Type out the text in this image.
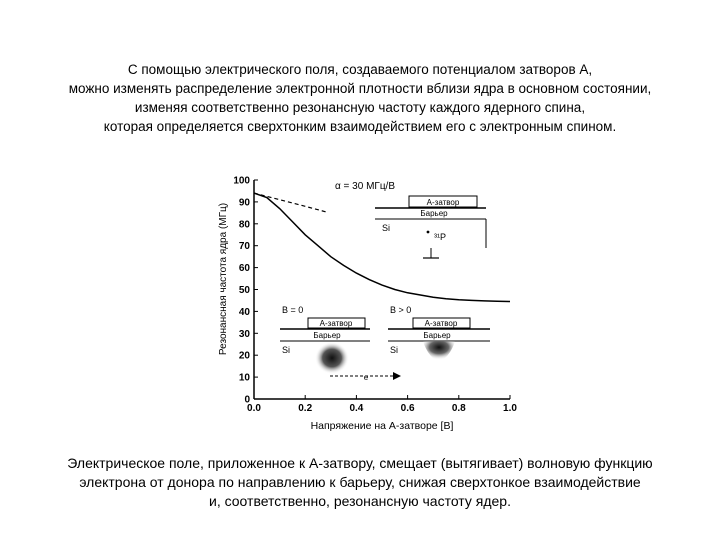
С помощью электрического поля, создаваемого потенциалом затворов A,
можно изменять распределение электронной плотности вблизи ядра в основном состоянии,
изменяя соответственно резонансную частоту каждого ядерного спина,
которая определяется сверхтонким взаимодействием его с электронным спином.
Резонансная частота ядра (МГц)
Напряжение на А-затворе [В]
0.0	0.2	0.4	0.6	0.8	1.0
0
10
20
30
40
50
60
70
80
90
100	α = 30 МГц/В
А-затвор
Барьер
Si
³¹P
B = 0
А-затвор
Барьер
Si
B > 0
А-затвор
Барьер
Si
e
Электрическое поле, приложенное к А-затвору, смещает (вытягивает) волновую функцию
электрона от донора по направлению к барьеру, снижая сверхтонкое взаимодействие
и, соответственно, резонансную частоту ядер.
